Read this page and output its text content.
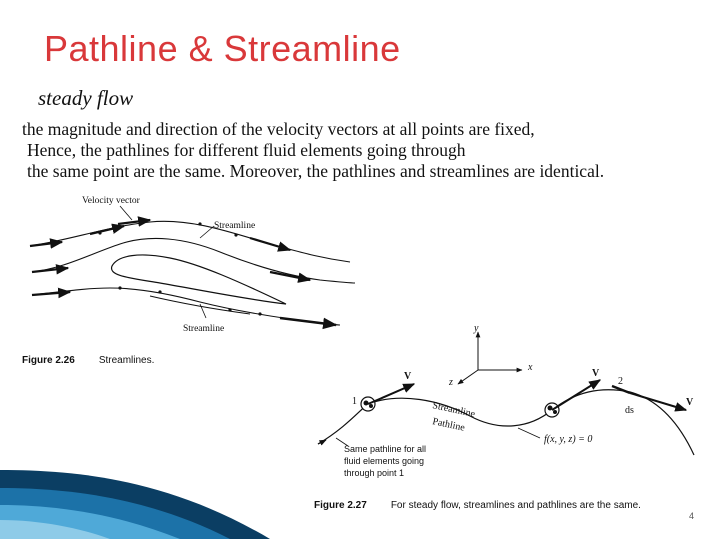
Pathline & Streamline
steady flow
the magnitude and direction of the velocity vectors at all points are fixed,
Hence, the pathlines for different fluid elements going through
the same point are the same. Moreover, the pathlines and streamlines are identical.
Velocity vector
Streamline
Streamline
Figure 2.26 Streamlines.
y
x
z
V	V
V
1
2
ds
Streamline
Pathline
f(x, y, z) = 0
Same pathline for all
fluid elements going
through point 1
Figure 2.27 For steady flow, streamlines and pathlines are the same.
4
